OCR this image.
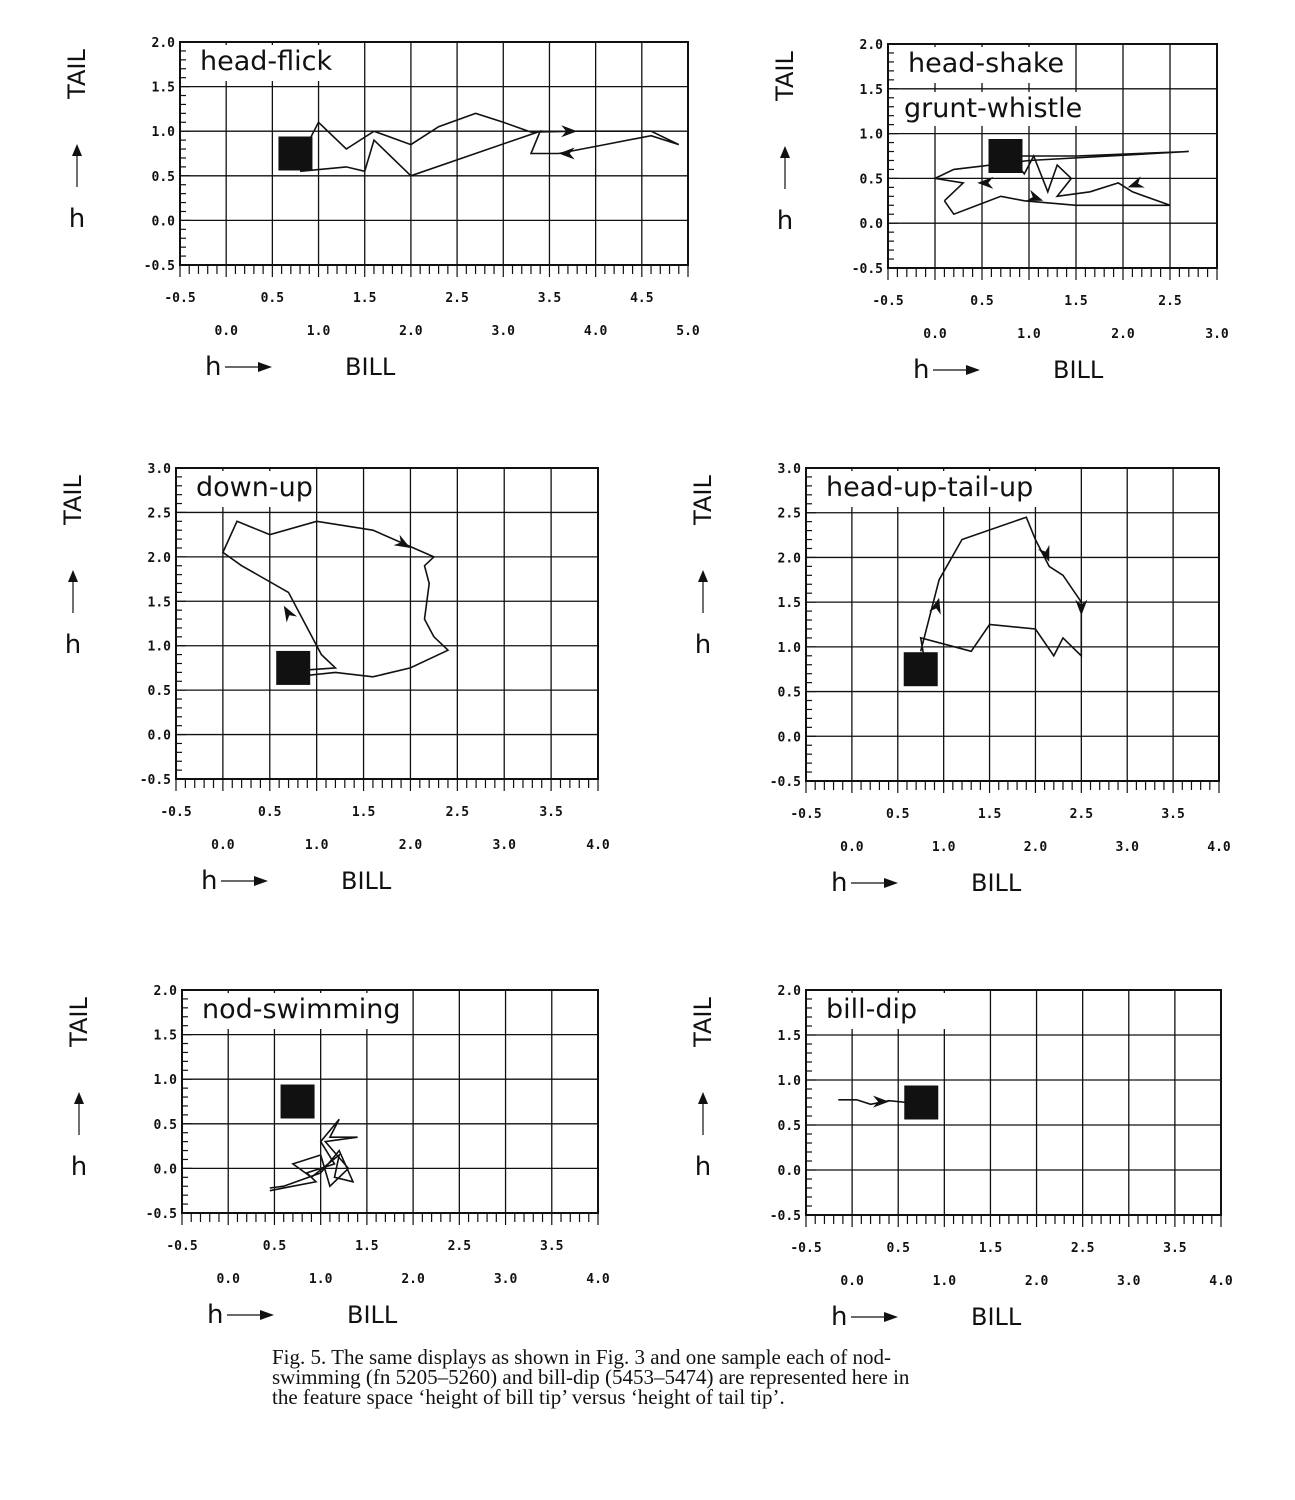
-0.5	0.5	1.5	2.5	3.5	4.5
0.0	1.0	2.0	3.0	4.0	5.0
2.0
1.5
1.0
0.5
0.0
-0.5
head-flick
TAIL
h
h	BILL
-0.5	0.5	1.5	2.5
0.0	1.0	2.0	3.0
2.0
1.5
1.0
0.5
0.0
-0.5
head-shake
grunt-whistle
TAIL
h
h	BILL
-0.5	0.5	1.5	2.5	3.5
0.0	1.0	2.0	3.0	4.0
3.0
2.5
2.0
1.5
1.0
0.5
0.0
-0.5
down-up
TAIL
h
h	BILL
-0.5	0.5	1.5	2.5	3.5
0.0	1.0	2.0	3.0	4.0
3.0
2.5
2.0
1.5
1.0
0.5
0.0
-0.5
head-up-tail-up
TAIL
h
h	BILL
-0.5	0.5	1.5	2.5	3.5
0.0	1.0	2.0	3.0	4.0
2.0
1.5
1.0
0.5
0.0
-0.5
nod-swimming
TAIL
h
h	BILL
-0.5	0.5	1.5	2.5	3.5
0.0	1.0	2.0	3.0	4.0
2.0
1.5
1.0
0.5
0.0
-0.5
bill-dip
TAIL
h
h	BILL
Fig. 5. The same displays as shown in Fig. 3 and one sample each of nod-
swimming (fn 5205–5260) and bill-dip (5453–5474) are represented here in
the feature space ‘height of bill tip’ versus ‘height of tail tip’.
